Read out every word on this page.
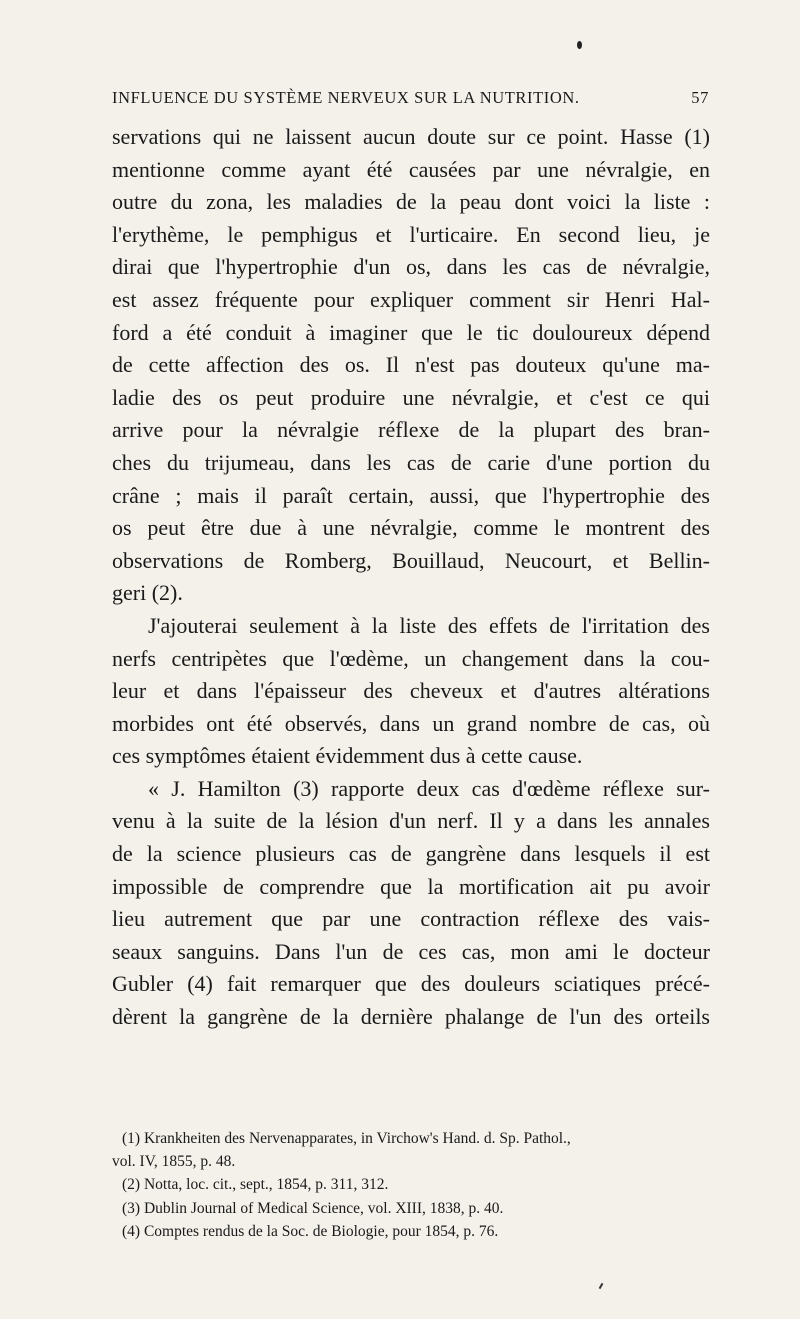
INFLUENCE DU SYSTÈME NERVEUX SUR LA NUTRITION.	57
servations qui ne laissent aucun doute sur ce point. Hasse (1)
mentionne comme ayant été causées par une névralgie, en
outre du zona, les maladies de la peau dont voici la liste :
l'erythème, le pemphigus et l'urticaire. En second lieu, je
dirai que l'hypertrophie d'un os, dans les cas de névralgie,
est assez fréquente pour expliquer comment sir Henri Hal-
ford a été conduit à imaginer que le tic douloureux dépend
de cette affection des os. Il n'est pas douteux qu'une ma-
ladie des os peut produire une névralgie, et c'est ce qui
arrive pour la névralgie réflexe de la plupart des bran-
ches du trijumeau, dans les cas de carie d'une portion du
crâne ; mais il paraît certain, aussi, que l'hypertrophie des
os peut être due à une névralgie, comme le montrent des
observations de Romberg, Bouillaud, Neucourt, et Bellin-
geri (2).
J'ajouterai seulement à la liste des effets de l'irritation des
nerfs centripètes que l'œdème, un changement dans la cou-
leur et dans l'épaisseur des cheveux et d'autres altérations
morbides ont été observés, dans un grand nombre de cas, où
ces symptômes étaient évidemment dus à cette cause.
« J. Hamilton (3) rapporte deux cas d'œdème réflexe sur-
venu à la suite de la lésion d'un nerf. Il y a dans les annales
de la science plusieurs cas de gangrène dans lesquels il est
impossible de comprendre que la mortification ait pu avoir
lieu autrement que par une contraction réflexe des vais-
seaux sanguins. Dans l'un de ces cas, mon ami le docteur
Gubler (4) fait remarquer que des douleurs sciatiques précé-
dèrent la gangrène de la dernière phalange de l'un des orteils
(1) Krankheiten des Nervenapparates, in Virchow's Hand. d. Sp. Pathol.,
vol. IV, 1855, p. 48.
(2) Notta, loc. cit., sept., 1854, p. 311, 312.
(3) Dublin Journal of Medical Science, vol. XIII, 1838, p. 40.
(4) Comptes rendus de la Soc. de Biologie, pour 1854, p. 76.
